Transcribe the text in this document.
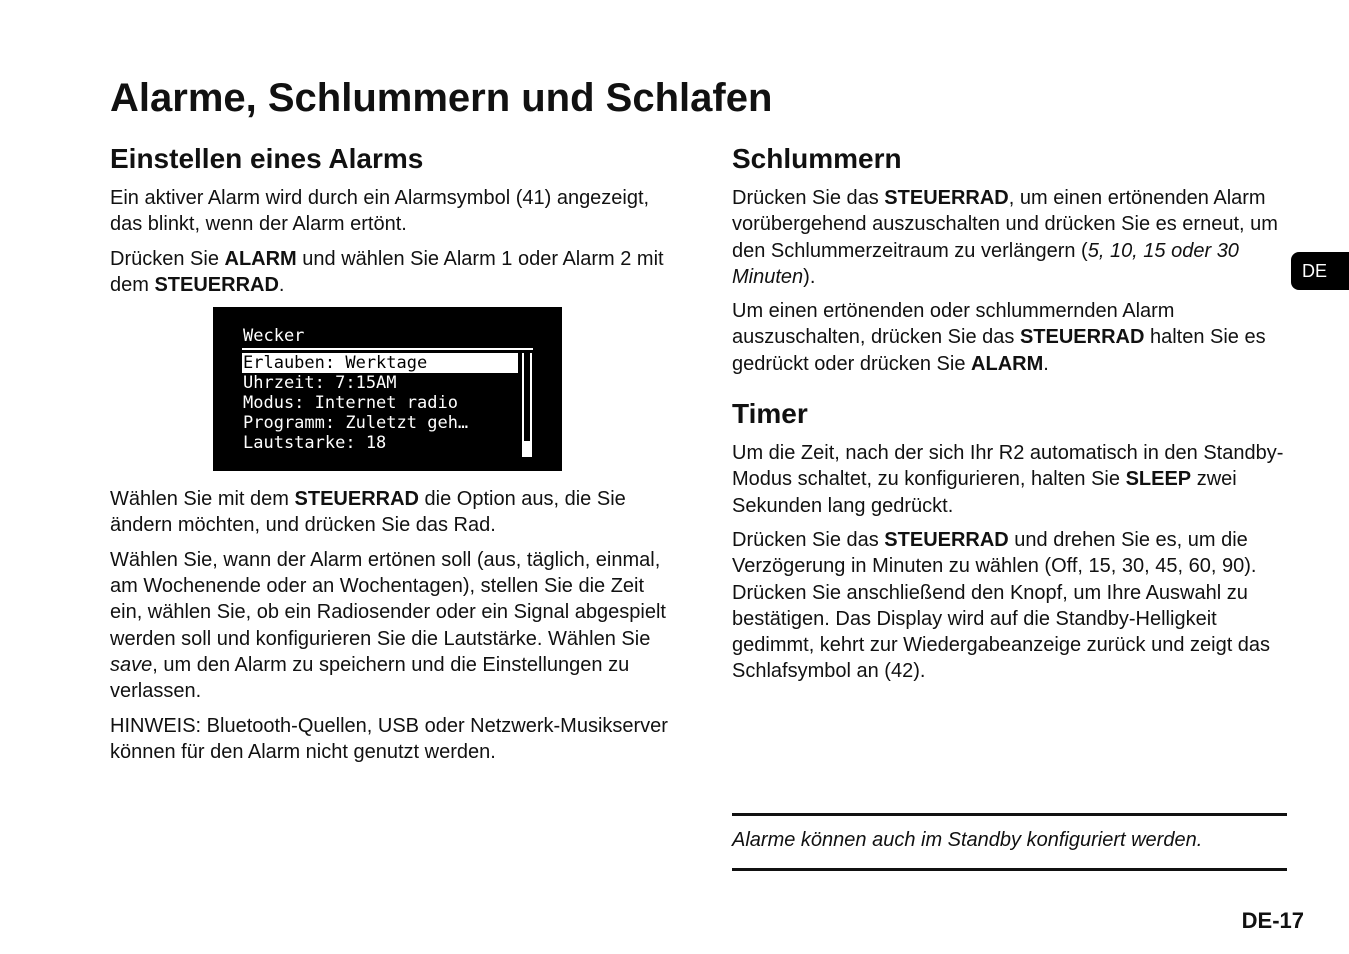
Alarme, Schlummern und Schlafen
Einstellen eines Alarms

Ein aktiver Alarm wird durch ein Alarmsymbol (41) angezeigt, das blinkt, wenn der Alarm ertönt.

Drücken Sie ALARM und wählen Sie Alarm 1 oder Alarm 2 mit dem STEUERRAD.

Wecker
Erlauben: Werktage
Uhrzeit: 7:15AM
Modus: Internet radio
Programm: Zuletzt geh…
Lautstarke: 18

Wählen Sie mit dem STEUERRAD die Option aus, die Sie ändern möchten, und drücken Sie das Rad.

Wählen Sie, wann der Alarm ertönen soll (aus, täglich, einmal, am Wochenende oder an Wochentagen), stellen Sie die Zeit ein, wählen Sie, ob ein Radiosender oder ein Signal abgespielt werden soll und konfigurieren Sie die Lautstärke. Wählen Sie save, um den Alarm zu speichern und die Einstellungen zu verlassen.

HINWEIS: Bluetooth-Quellen, USB oder Netzwerk-Musikserver können für den Alarm nicht genutzt werden.

Schlummern

Drücken Sie das STEUERRAD, um einen ertönenden Alarm vorübergehend auszuschalten und drücken Sie es erneut, um den Schlummerzeitraum zu verlängern (5, 10, 15 oder 30 Minuten).

Um einen ertönenden oder schlummernden Alarm auszuschalten, drücken Sie das STEUERRAD halten Sie es gedrückt oder drücken Sie ALARM.

Timer

Um die Zeit, nach der sich Ihr R2 automatisch in den Standby-Modus schaltet, zu konfigurieren, halten Sie SLEEP zwei Sekunden lang gedrückt.

Drücken Sie das STEUERRAD und drehen Sie es, um die Verzögerung in Minuten zu wählen (Off, 15, 30, 45, 60, 90). Drücken Sie anschließend den Knopf, um Ihre Auswahl zu bestätigen. Das Display wird auf die Standby-Helligkeit gedimmt, kehrt zur Wiedergabeanzeige zurück und zeigt das Schlafsymbol an (42).

DE

Alarme können auch im Standby konfiguriert werden.

DE-17
